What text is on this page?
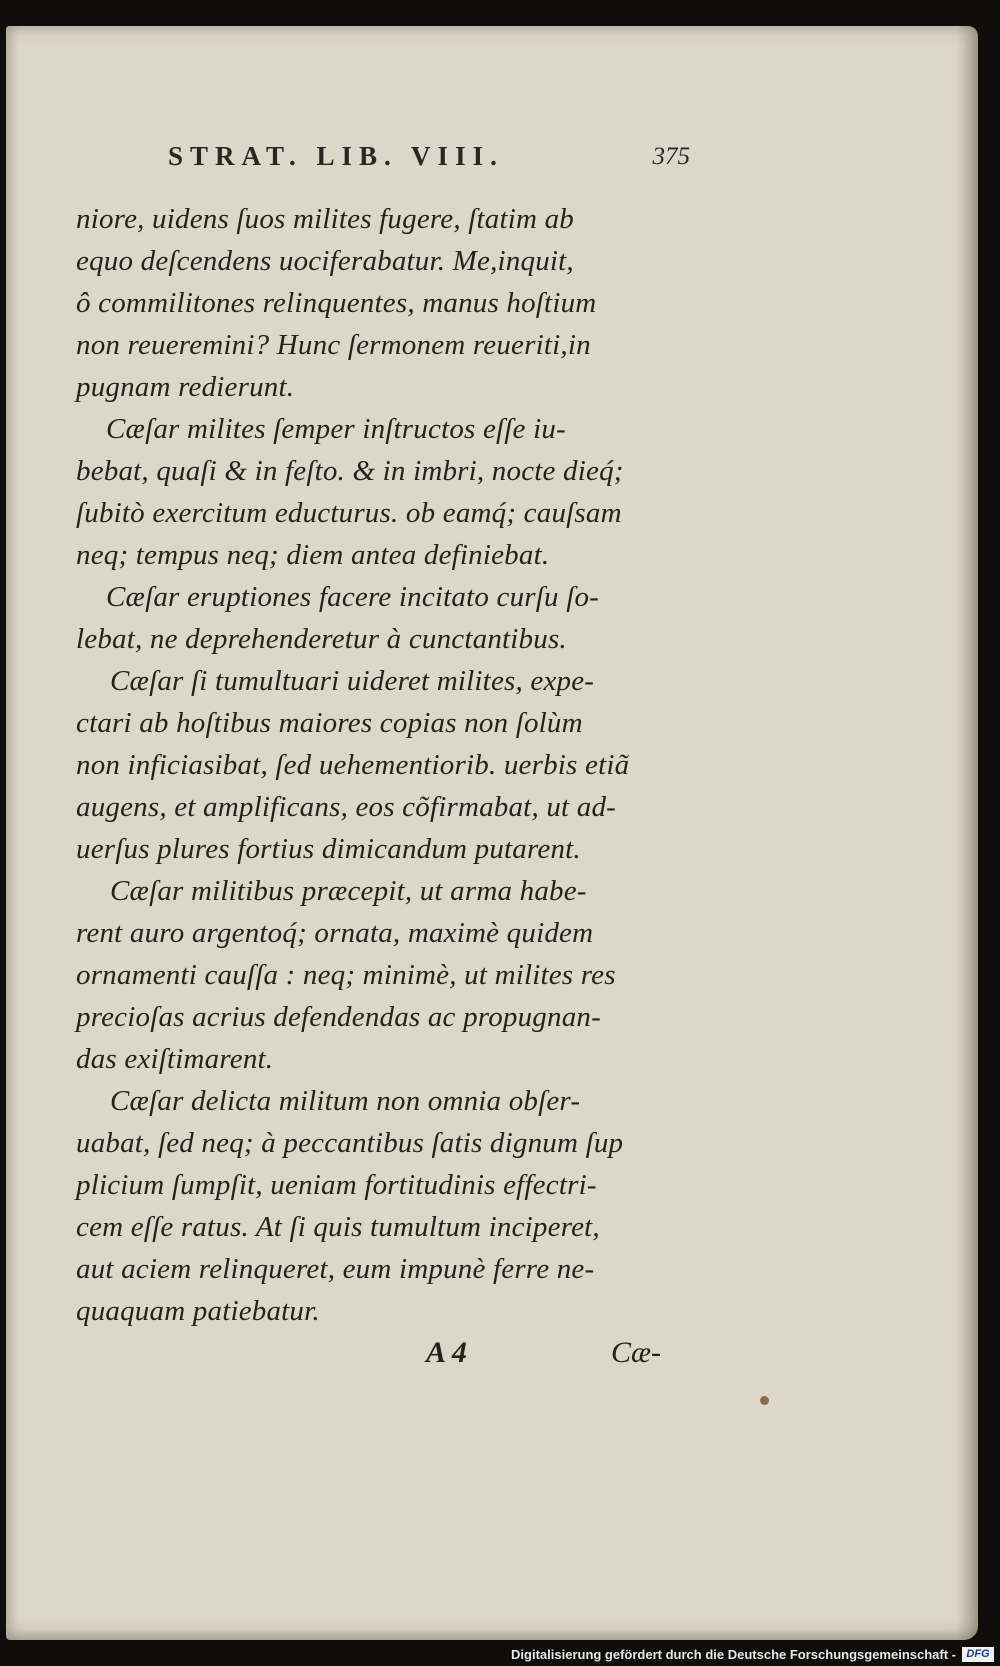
STRAT. LIB. VIII.	375
niore, uidens ſuos milites fugere, ſtatim ab
equo deſcendens uociferabatur. Me,inquit,
ô commilitones relinquentes, manus hoſtium
non reueremini? Hunc ſermonem reueriti,in
pugnam redierunt.
Cæſar milites ſemper inſtructos eſſe iu-
bebat, quaſi & in feſto. & in imbri, nocte dieq́;
ſubitò exercitum educturus. ob eamq́; cauſsam
neq; tempus neq; diem antea definiebat.
Cæſar eruptiones facere incitato curſu ſo-
lebat, ne deprehenderetur à cunctantibus.
Cæſar ſi tumultuari uideret milites, expe-
ctari ab hoſtibus maiores copias non ſolùm
non inficiasibat, ſed uehementiorib. uerbis etiã
augens, et amplificans, eos cõfirmabat, ut ad-
uerſus plures fortius dimicandum putarent.
Cæſar militibus præcepit, ut arma habe-
rent auro argentoq́; ornata, maximè quidem
ornamenti cauſſa : neq; minimè, ut milites res
precioſas acrius defendendas ac propugnan-
das exiſtimarent.
Cæſar delicta militum non omnia obſer-
uabat, ſed neq; à peccantibus ſatis dignum ſup
plicium ſumpſit, ueniam fortitudinis effectri-
cem eſſe ratus. At ſi quis tumultum inciperet,
aut aciem relinqueret, eum impunè ferre ne-
quaquam patiebatur.
A 4	Cæ-
Digitalisierung gefördert durch die Deutsche Forschungsgemeinschaft - DFG
